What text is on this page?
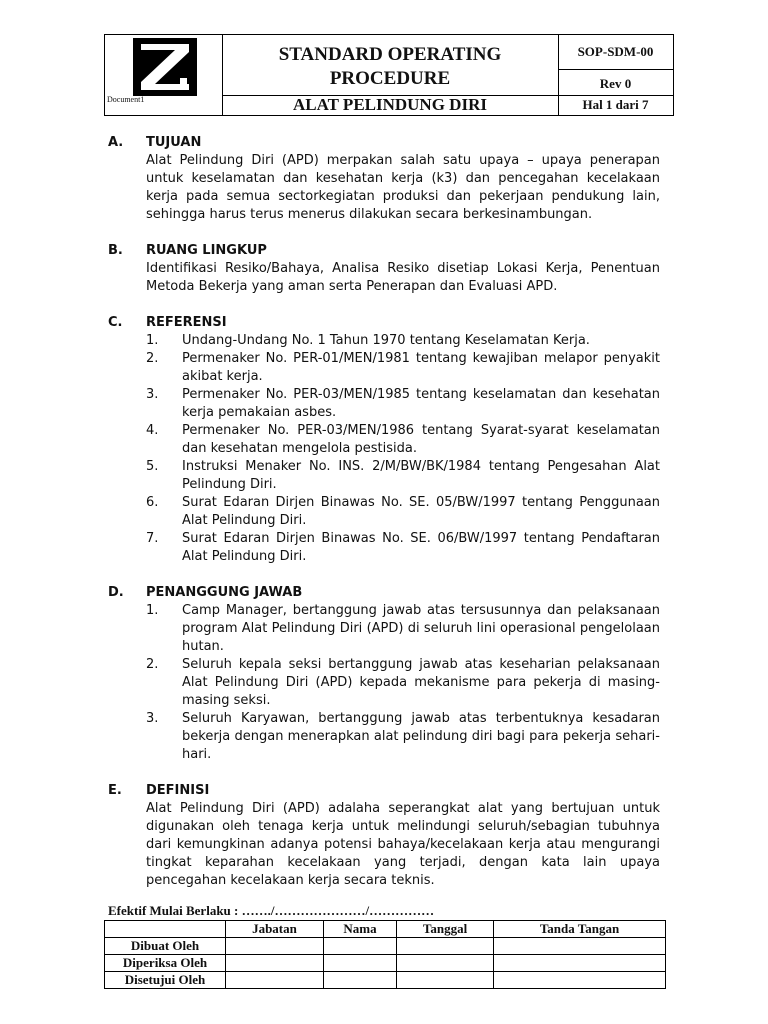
Document1
STANDARD OPERATING
PROCEDURE
ALAT PELINDUNG DIRI
SOP-SDM-00
Rev 0
Hal 1 dari 7
A. TUJUAN
Alat Pelindung Diri (APD) merpakan salah satu upaya – upaya penerapan untuk keselamatan dan kesehatan kerja (k3) dan pencegahan kecelakaan kerja pada semua sectorkegiatan produksi dan pekerjaan pendukung lain, sehingga harus terus menerus dilakukan secara berkesinambungan.
B. RUANG LINGKUP
Identifikasi Resiko/Bahaya, Analisa Resiko disetiap Lokasi Kerja, Penentuan Metoda Bekerja yang aman serta Penerapan dan Evaluasi APD.
C. REFERENSI
1. Undang-Undang No. 1 Tahun 1970 tentang Keselamatan Kerja.
2. Permenaker No. PER-01/MEN/1981 tentang kewajiban melapor penyakit akibat kerja.
3. Permenaker No. PER-03/MEN/1985 tentang keselamatan dan kesehatan kerja pemakaian asbes.
4. Permenaker No. PER-03/MEN/1986 tentang Syarat-syarat keselamatan dan kesehatan mengelola pestisida.
5. Instruksi Menaker No. INS. 2/M/BW/BK/1984 tentang Pengesahan Alat Pelindung Diri.
6. Surat Edaran Dirjen Binawas No. SE. 05/BW/1997 tentang Penggunaan Alat Pelindung Diri.
7. Surat Edaran Dirjen Binawas No. SE. 06/BW/1997 tentang Pendaftaran Alat Pelindung Diri.
D. PENANGGUNG JAWAB
1. Camp Manager, bertanggung jawab atas tersusunnya dan pelaksanaan program Alat Pelindung Diri (APD) di seluruh lini operasional pengelolaan hutan.
2. Seluruh kepala seksi bertanggung jawab atas keseharian pelaksanaan Alat Pelindung Diri (APD) kepada mekanisme para pekerja di masing-masing seksi.
3. Seluruh Karyawan, bertanggung jawab atas terbentuknya kesadaran bekerja dengan menerapkan alat pelindung diri bagi para pekerja sehari-hari.
E. DEFINISI
Alat Pelindung Diri (APD) adalaha seperangkat alat yang bertujuan untuk digunakan oleh tenaga kerja untuk melindungi seluruh/sebagian tubuhnya dari kemungkinan adanya potensi bahaya/kecelakaan kerja atau mengurangi tingkat keparahan kecelakaan yang terjadi, dengan kata lain upaya pencegahan kecelakaan kerja secara teknis.
Efektif Mulai Berlaku : ……./…………………/……………
	Jabatan	Nama	Tanggal	Tanda Tangan
Dibuat Oleh				
Diperiksa Oleh				
Disetujui Oleh				
